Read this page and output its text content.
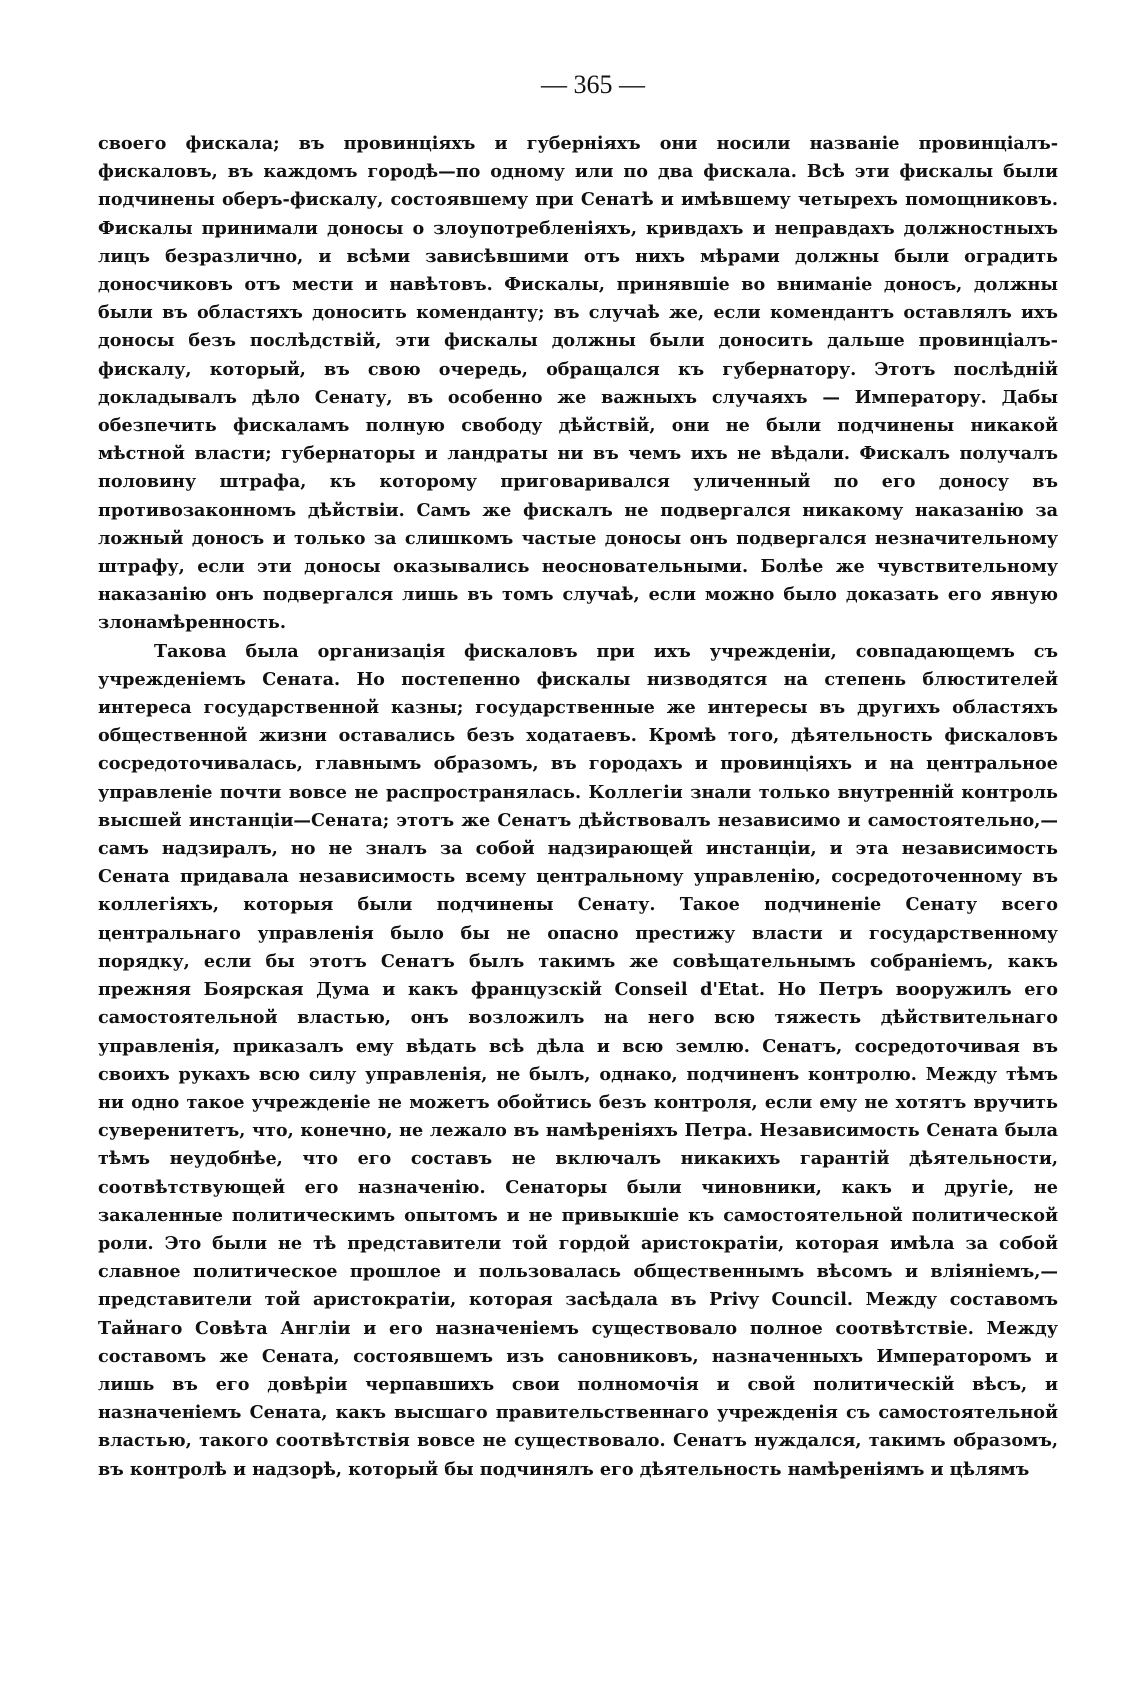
— 365 —

своего фискала; въ провинціяхъ и губерніяхъ они носили названіе провинціалъ-фискаловъ, въ каждомъ городѣ—по одному или по два фискала. Всѣ эти фискалы были подчинены оберъ-фискалу, состоявшему при Сенатѣ и имѣвшему четырехъ помощниковъ. Фискалы принимали доносы о злоупотребленіяхъ, кривдахъ и неправдахъ должностныхъ лицъ безразлично, и всѣми зависѣвшими отъ нихъ мѣрами должны были оградить доносчиковъ отъ мести и навѣтовъ. Фискалы, принявшіе во вниманіе доносъ, должны были въ областяхъ доносить коменданту; въ случаѣ же, если комендантъ оставлялъ ихъ доносы безъ послѣдствій, эти фискалы должны были доносить дальше провинціалъ-фискалу, который, въ свою очередь, обращался къ губернатору. Этотъ послѣдній докладывалъ дѣло Сенату, въ особенно же важныхъ случаяхъ — Императору. Дабы обезпечить фискаламъ полную свободу дѣйствій, они не были подчинены никакой мѣстной власти; губернаторы и ландраты ни въ чемъ ихъ не вѣдали. Фискалъ получалъ половину штрафа, къ которому приговаривался уличенный по его доносу въ противозаконномъ дѣйствіи. Самъ же фискалъ не подвергался никакому наказанію за ложный доносъ и только за слишкомъ частые доносы онъ подвергался незначительному штрафу, если эти доносы оказывались неосновательными. Болѣе же чувствительному наказанію онъ подвергался лишь въ томъ случаѣ, если можно было доказать его явную злонамѣренность.

Такова была организація фискаловъ при ихъ учрежденіи, совпадающемъ съ учрежденіемъ Сената. Но постепенно фискалы низводятся на степень блюстителей интереса государственной казны; государственные же интересы въ другихъ областяхъ общественной жизни оставались безъ ходатаевъ. Кромѣ того, дѣятельность фискаловъ сосредоточивалась, главнымъ образомъ, въ городахъ и провинціяхъ и на центральное управленіе почти вовсе не распространялась. Коллегіи знали только внутренній контроль высшей инстанціи—Сената; этотъ же Сенатъ дѣйствовалъ независимо и самостоятельно,—самъ надзиралъ, но не зналъ за собой надзирающей инстанціи, и эта независимость Сената придавала независимость всему центральному управленію, сосредоточенному въ коллегіяхъ, которыя были подчинены Сенату. Такое подчиненіе Сенату всего центральнаго управленія было бы не опасно престижу власти и государственному порядку, если бы этотъ Сенатъ былъ такимъ же совѣщательнымъ собраніемъ, какъ прежняя Боярская Дума и какъ французскій Conseil d'Etat. Но Петръ вооружилъ его самостоятельной властью, онъ возложилъ на него всю тяжесть дѣйствительнаго управленія, приказалъ ему вѣдать всѣ дѣла и всю землю. Сенатъ, сосредоточивая въ своихъ рукахъ всю силу управленія, не былъ, однако, подчиненъ контролю. Между тѣмъ ни одно такое учрежденіе не можетъ обойтись безъ контроля, если ему не хотятъ вручить суверенитетъ, что, конечно, не лежало въ намѣреніяхъ Петра. Независимость Сената была тѣмъ неудобнѣе, что его составъ не включалъ никакихъ гарантій дѣятельности, соотвѣтствующей его назначенію. Сенаторы были чиновники, какъ и другіе, не закаленные политическимъ опытомъ и не привыкшіе къ самостоятельной политической роли. Это были не тѣ представители той гордой аристократіи, которая имѣла за собой славное политическое прошлое и пользовалась общественнымъ вѣсомъ и вліяніемъ,—представители той аристократіи, которая засѣдала въ Privy Council. Между составомъ Тайнаго Совѣта Англіи и его назначеніемъ существовало полное соотвѣтствіе. Между составомъ же Сената, состоявшемъ изъ сановниковъ, назначенныхъ Императоромъ и лишь въ его довѣріи черпавшихъ свои полномочія и свой политическій вѣсъ, и назначеніемъ Сената, какъ высшаго правительственнаго учрежденія съ самостоятельной властью, такого соотвѣтствія вовсе не существовало. Сенатъ нуждался, такимъ образомъ, въ контролѣ и надзорѣ, который бы подчинялъ его дѣятельность намѣреніямъ и цѣлямъ
